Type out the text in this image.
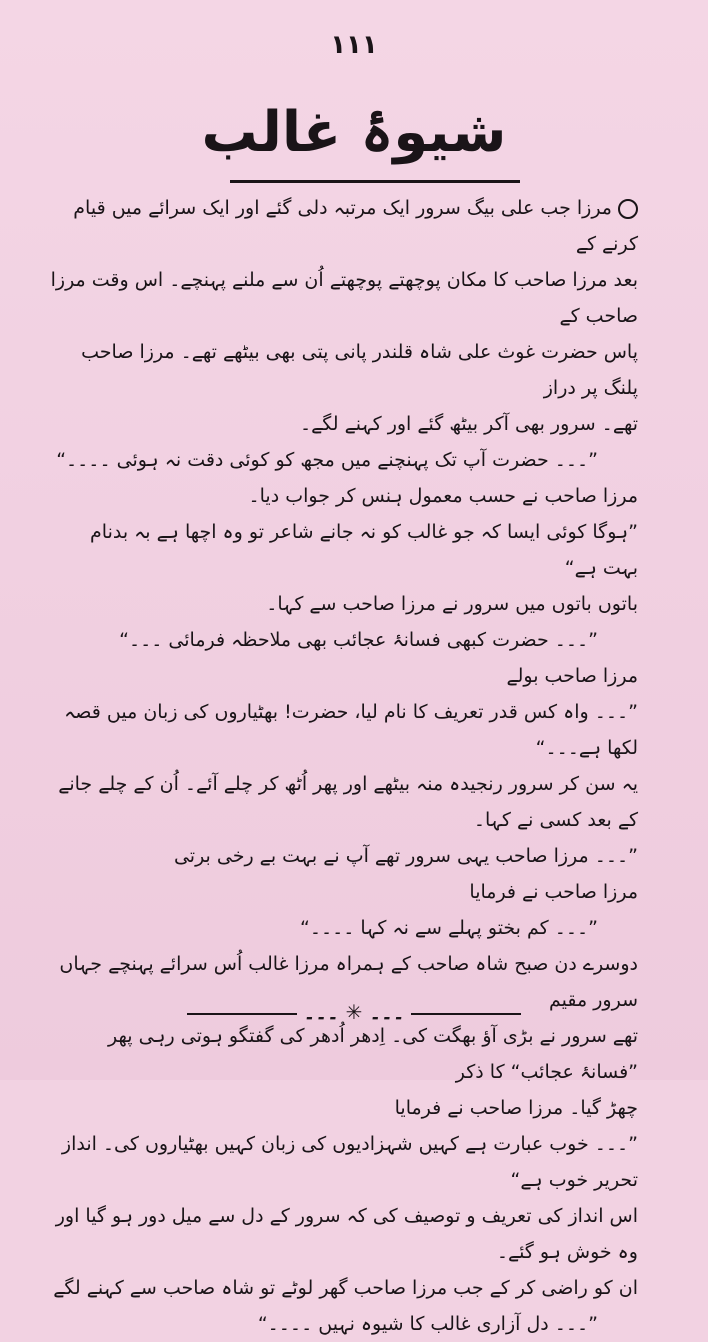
۱۱۱
شیوۂ غالب
مرزا جب علی بیگ سرور ایک مرتبہ دلی گئے اور ایک سرائے میں قیام کرنے کے
بعد مرزا صاحب کا مکان پوچھتے پوچھتے اُن سے ملنے پہنچے۔ اس وقت مرزا صاحب کے
پاس حضرت غوث علی شاہ قلندر پانی پتی بھی بیٹھے تھے۔ مرزا صاحب پلنگ پر دراز
تھے۔ سرور بھی آکر بیٹھ گئے اور کہنے لگے۔
”۔۔۔ حضرت آپ تک پہنچنے میں مجھ کو کوئی دقت نہ ہوئی ۔۔۔۔“
مرزا صاحب نے حسب معمول ہنس کر جواب دیا۔
”ہوگا کوئی ایسا کہ جو غالب کو نہ جانے شاعر تو وہ اچھا ہے بہ بدنام بہت ہے“
باتوں باتوں میں سرور نے مرزا صاحب سے کہا۔
”۔۔۔ حضرت کبھی فسانۂ عجائب بھی ملاحظہ فرمائی ۔۔۔“
مرزا صاحب بولے
”۔۔۔ واہ کس قدر تعریف کا نام لیا، حضرت! بھٹیاروں کی زبان میں قصہ لکھا ہے۔۔۔“
یہ سن کر سرور رنجیدہ منہ بیٹھے اور پھر اُٹھ کر چلے آئے۔ اُن کے چلے جانے کے بعد کسی نے کہا۔
”۔۔۔ مرزا صاحب یہی سرور تھے آپ نے بہت بے رخی برتی
مرزا صاحب نے فرمایا
”۔۔۔ کم بختو پہلے سے نہ کہا ۔۔۔۔“
دوسرے دن صبح شاہ صاحب کے ہمراہ مرزا غالب اُس سرائے پہنچے جہاں سرور مقیم
تھے سرور نے بڑی آؤ بھگت کی۔ اِدھر اُدھر کی گفتگو ہوتی رہی پھر ”فسانۂ عجائب“ کا ذکر
چھڑ گیا۔ مرزا صاحب نے فرمایا
”۔۔۔ خوب عبارت ہے کہیں شہزادیوں کی زبان کہیں بھٹیاروں کی۔ انداز تحریر خوب ہے“
اس انداز کی تعریف و توصیف کی کہ سرور کے دل سے میل دور ہو گیا اور وہ خوش ہو گئے۔
ان کو راضی کر کے جب مرزا صاحب گھر لوٹے تو شاہ صاحب سے کہنے لگے
”۔۔۔ دل آزاری غالب کا شیوہ نہیں ۔۔۔۔“
۔۔۔ ✳ ۔۔۔
